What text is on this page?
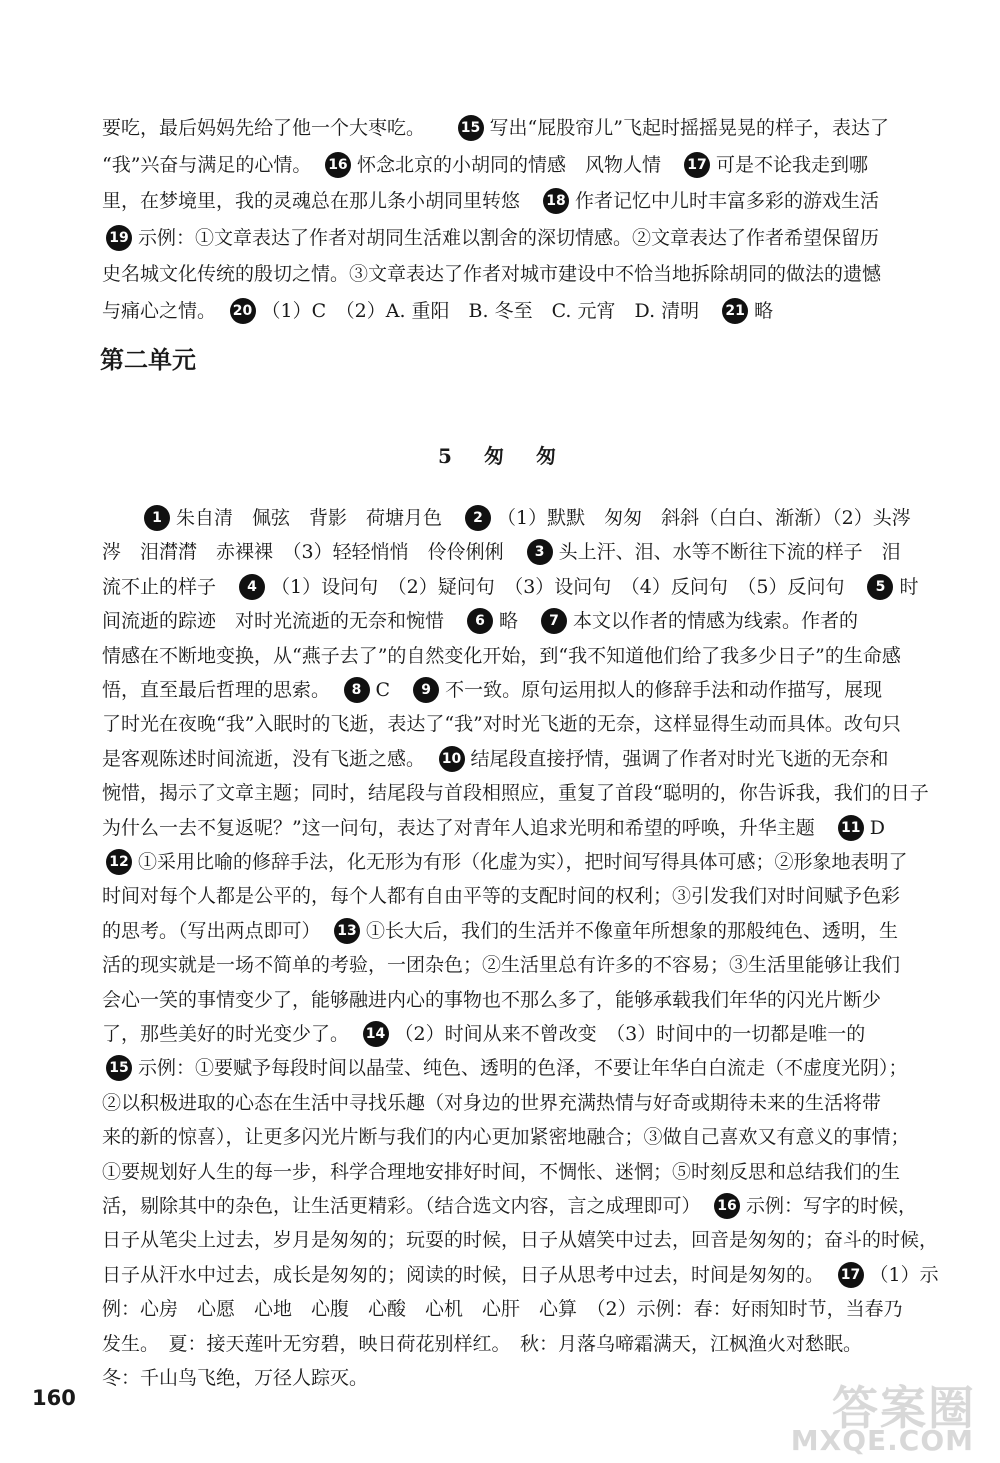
要吃，最后妈妈先给了他一个大枣吃。　　15 写出“屁股帘儿”飞起时摇摇晃晃的样子，表达了
“我”兴奋与满足的心情。　16 怀念北京的小胡同的情感　风物人情　17 可是不论我走到哪
里，在梦境里，我的灵魂总在那儿条小胡同里转悠　18 作者记忆中儿时丰富多彩的游戏生活
19 示例：①文章表达了作者对胡同生活难以割舍的深切情感。②文章表达了作者希望保留历
史名城文化传统的殷切之情。③文章表达了作者对城市建设中不恰当地拆除胡同的做法的遗憾
与痛心之情。　20 （1）C　（2）A. 重阳　B. 冬至　C. 元宵　D. 清明　21 略
第二单元
5　匆　匆
1 朱自清　佩弦　背影　荷塘月色　2 （1）默默　匆匆　斜斜（白白、渐渐）（2）头涔
涔　泪潸潸　赤裸裸　（3）轻轻悄悄　伶伶俐俐　3 头上汗、泪、水等不断往下流的样子　泪
流不止的样子　4 （1）设问句　（2）疑问句　（3）设问句　（4）反问句　（5）反问句　5 时
间流逝的踪迹　对时光流逝的无奈和惋惜　6 略　7 本文以作者的情感为线索。作者的
情感在不断地变换，从“燕子去了”的自然变化开始，到“我不知道他们给了我多少日子”的生命感
悟，直至最后哲理的思索。　8 C　9 不一致。原句运用拟人的修辞手法和动作描写，展现
了时光在夜晚“我”入眠时的飞逝，表达了“我”对时光飞逝的无奈，这样显得生动而具体。改句只
是客观陈述时间流逝，没有飞逝之感。　10 结尾段直接抒情，强调了作者对时光飞逝的无奈和
惋惜，揭示了文章主题；同时，结尾段与首段相照应，重复了首段“聪明的，你告诉我，我们的日子
为什么一去不复返呢？”这一问句，表达了对青年人追求光明和希望的呼唤，升华主题　11 D
12 ①采用比喻的修辞手法，化无形为有形（化虚为实），把时间写得具体可感；②形象地表明了
时间对每个人都是公平的，每个人都有自由平等的支配时间的权利；③引发我们对时间赋予色彩
的思考。（写出两点即可）　13 ①长大后，我们的生活并不像童年所想象的那般纯色、透明，生
活的现实就是一场不简单的考验，一团杂色；②生活里总有许多的不容易；③生活里能够让我们
会心一笑的事情变少了，能够融进内心的事物也不那么多了，能够承载我们年华的闪光片断少
了，那些美好的时光变少了。　14 （2）时间从来不曾改变　（3）时间中的一切都是唯一的
15 示例：①要赋予每段时间以晶莹、纯色、透明的色泽，不要让年华白白流走（不虚度光阴）；
②以积极进取的心态在生活中寻找乐趣（对身边的世界充满热情与好奇或期待未来的生活将带
来的新的惊喜），让更多闪光片断与我们的内心更加紧密地融合；③做自己喜欢又有意义的事情；
①要规划好人生的每一步，科学合理地安排好时间，不惆怅、迷惘；⑤时刻反思和总结我们的生
活，剔除其中的杂色，让生活更精彩。（结合选文内容，言之成理即可）　16 示例：写字的时候，
日子从笔尖上过去，岁月是匆匆的；玩耍的时候，日子从嬉笑中过去，回音是匆匆的；奋斗的时候，
日子从汗水中过去，成长是匆匆的；阅读的时候，日子从思考中过去，时间是匆匆的。　17 （1）示
例：心房　心愿　心地　心腹　心酸　心机　心肝　心算　（2）示例：春：好雨知时节，当春乃
发生。　夏：接天莲叶无穷碧，映日荷花别样红。　秋：月落乌啼霜满天，江枫渔火对愁眠。
冬：千山鸟飞绝，万径人踪灭。
160	答案圈
MXQE.COM
